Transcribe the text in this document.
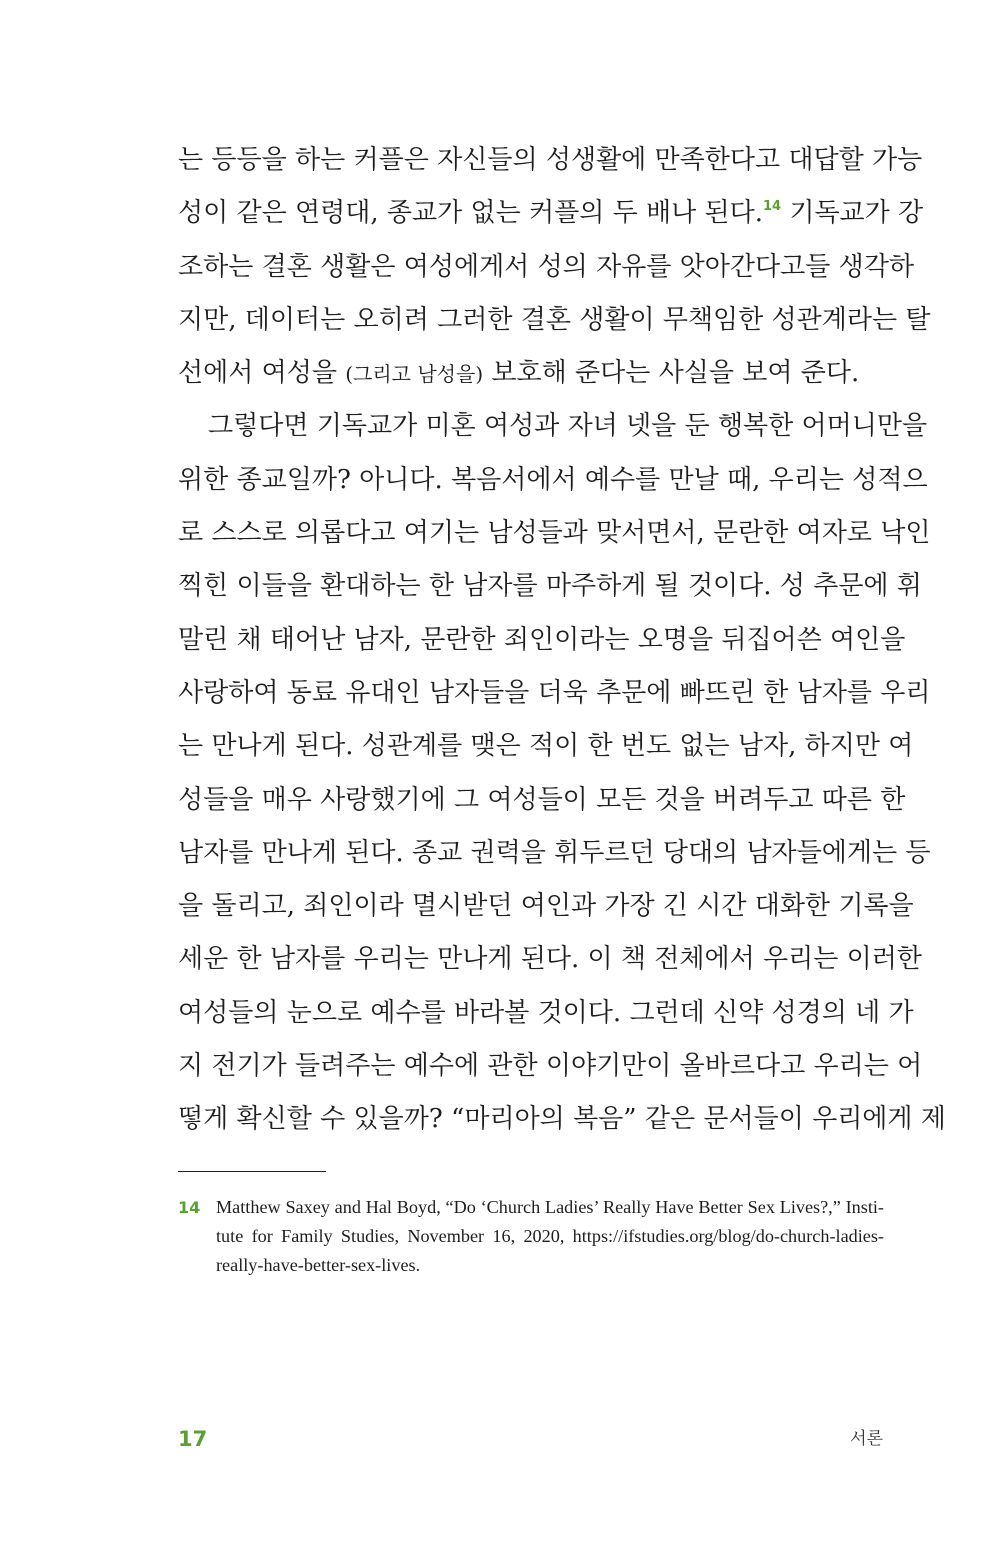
는 등등을 하는 커플은 자신들의 성생활에 만족한다고 대답할 가능
성이 같은 연령대, 종교가 없는 커플의 두 배나 된다.$^{14}$ 기독교가 강
조하는 결혼 생활은 여성에게서 성의 자유를 앗아간다고들 생각하
지만, 데이터는 오히려 그러한 결혼 생활이 무책임한 성관계라는 탈
선에서 여성을 (그리고 남성을) 보호해 준다는 사실을 보여 준다.
그렇다면 기독교가 미혼 여성과 자녀 넷을 둔 행복한 어머니만을
위한 종교일까? 아니다. 복음서에서 예수를 만날 때, 우리는 성적으
로 스스로 의롭다고 여기는 남성들과 맞서면서, 문란한 여자로 낙인
찍힌 이들을 환대하는 한 남자를 마주하게 될 것이다. 성 추문에 휘
말린 채 태어난 남자, 문란한 죄인이라는 오명을 뒤집어쓴 여인을
사랑하여 동료 유대인 남자들을 더욱 추문에 빠뜨린 한 남자를 우리
는 만나게 된다. 성관계를 맺은 적이 한 번도 없는 남자, 하지만 여
성들을 매우 사랑했기에 그 여성들이 모든 것을 버려두고 따른 한
남자를 만나게 된다. 종교 권력을 휘두르던 당대의 남자들에게는 등
을 돌리고, 죄인이라 멸시받던 여인과 가장 긴 시간 대화한 기록을
세운 한 남자를 우리는 만나게 된다. 이 책 전체에서 우리는 이러한
여성들의 눈으로 예수를 바라볼 것이다. 그런데 신약 성경의 네 가
지 전기가 들려주는 예수에 관한 이야기만이 올바르다고 우리는 어
떻게 확신할 수 있을까? “마리아의 복음” 같은 문서들이 우리에게 제
14 Matthew Saxey and Hal Boyd, “Do ‘Church Ladies’ Really Have Better Sex Lives?,” Insti-
tute for Family Studies, November 16, 2020, https://ifstudies.org/blog/do-church-ladies-
really-have-better-sex-lives.
17	서론
